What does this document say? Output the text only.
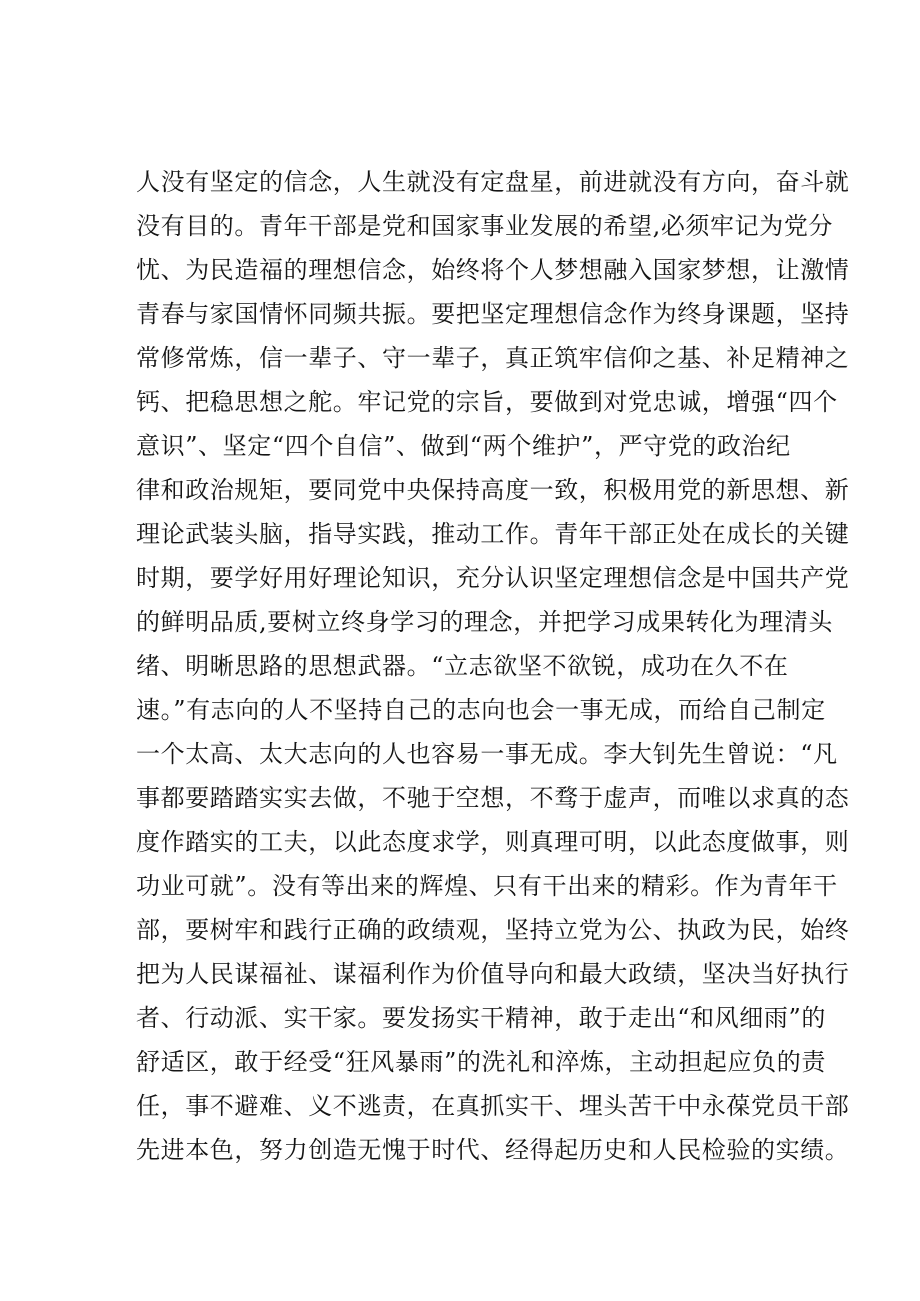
人没有坚定的信念，人生就没有定盘星，前进就没有方向，奋斗就
没有目的。青年干部是党和国家事业发展的希望,必须牢记为党分
忧、为民造福的理想信念，始终将个人梦想融入国家梦想，让激情
青春与家国情怀同频共振。要把坚定理想信念作为终身课题，坚持
常修常炼，信一辈子、守一辈子，真正筑牢信仰之基、补足精神之
钙、把稳思想之舵。牢记党的宗旨，要做到对党忠诚，增强“四个
意识”、坚定“四个自信”、做到“两个维护”，严守党的政治纪
律和政治规矩，要同党中央保持高度一致，积极用党的新思想、新
理论武装头脑，指导实践，推动工作。青年干部正处在成长的关键
时期，要学好用好理论知识，充分认识坚定理想信念是中国共产党
的鲜明品质,要树立终身学习的理念，并把学习成果转化为理清头
绪、明晰思路的思想武器。“立志欲坚不欲锐，成功在久不在
速。”有志向的人不坚持自己的志向也会一事无成，而给自己制定
一个太高、太大志向的人也容易一事无成。李大钊先生曾说：“凡
事都要踏踏实实去做，不驰于空想，不骛于虚声，而唯以求真的态
度作踏实的工夫，以此态度求学，则真理可明，以此态度做事，则
功业可就”。没有等出来的辉煌、只有干出来的精彩。作为青年干
部，要树牢和践行正确的政绩观，坚持立党为公、执政为民，始终
把为人民谋福祉、谋福利作为价值导向和最大政绩，坚决当好执行
者、行动派、实干家。要发扬实干精神，敢于走出“和风细雨”的
舒适区，敢于经受“狂风暴雨”的洗礼和淬炼，主动担起应负的责
任，事不避难、义不逃责，在真抓实干、埋头苦干中永葆党员干部
先进本色，努力创造无愧于时代、经得起历史和人民检验的实绩。
